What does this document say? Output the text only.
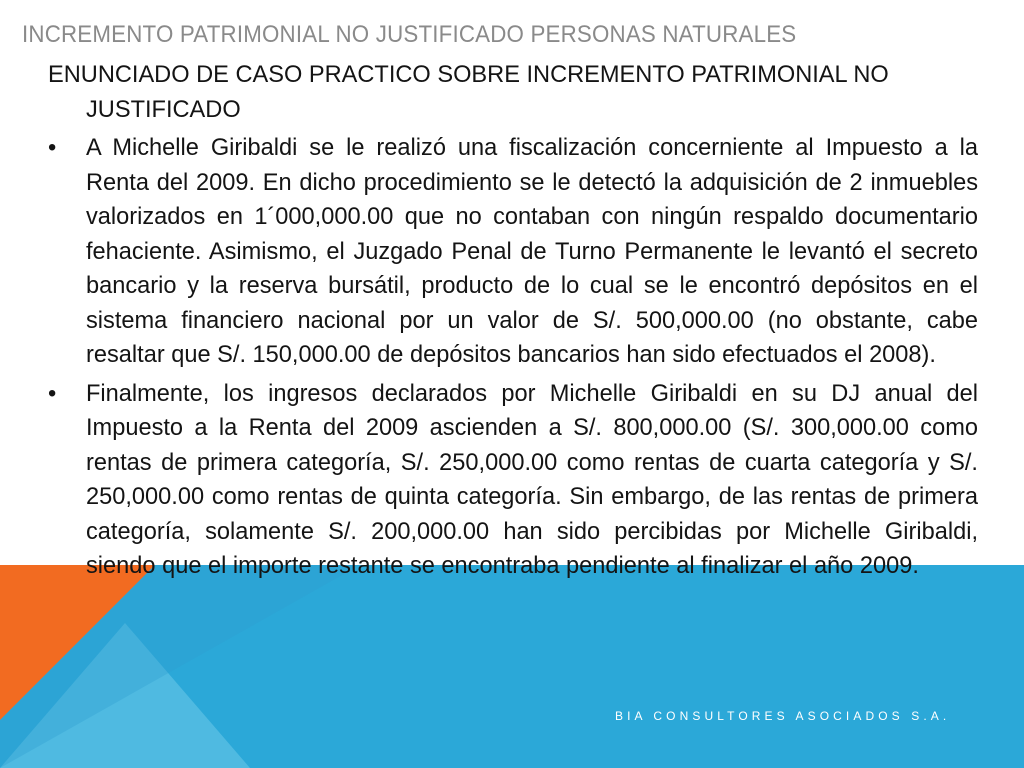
INCREMENTO PATRIMONIAL NO JUSTIFICADO PERSONAS NATURALES

ENUNCIADO DE CASO PRACTICO SOBRE INCREMENTO PATRIMONIAL NO JUSTIFICADO

•	A Michelle Giribaldi se le realizó una fiscalización concerniente al Impuesto a la Renta del 2009. En dicho procedimiento se le detectó la adquisición de 2 inmuebles valorizados en 1´000,000.00 que no contaban con ningún respaldo documentario fehaciente. Asimismo, el Juzgado Penal de Turno Permanente le levantó el secreto bancario y la reserva bursátil, producto de lo cual se le encontró depósitos en el sistema financiero nacional por un valor de S/. 500,000.00 (no obstante, cabe resaltar que S/. 150,000.00 de depósitos bancarios han sido efectuados el 2008).
•	Finalmente, los ingresos declarados por Michelle Giribaldi en su DJ anual del Impuesto a la Renta del 2009 ascienden a S/. 800,000.00 (S/. 300,000.00 como rentas de primera categoría, S/. 250,000.00 como rentas de cuarta categoría y S/. 250,000.00 como rentas de quinta categoría. Sin embargo, de las rentas de primera categoría, solamente S/. 200,000.00 han sido percibidas por Michelle Giribaldi, siendo que el importe restante se encontraba pendiente al finalizar el año 2009.
BIA CONSULTORES ASOCIADOS S.A.
